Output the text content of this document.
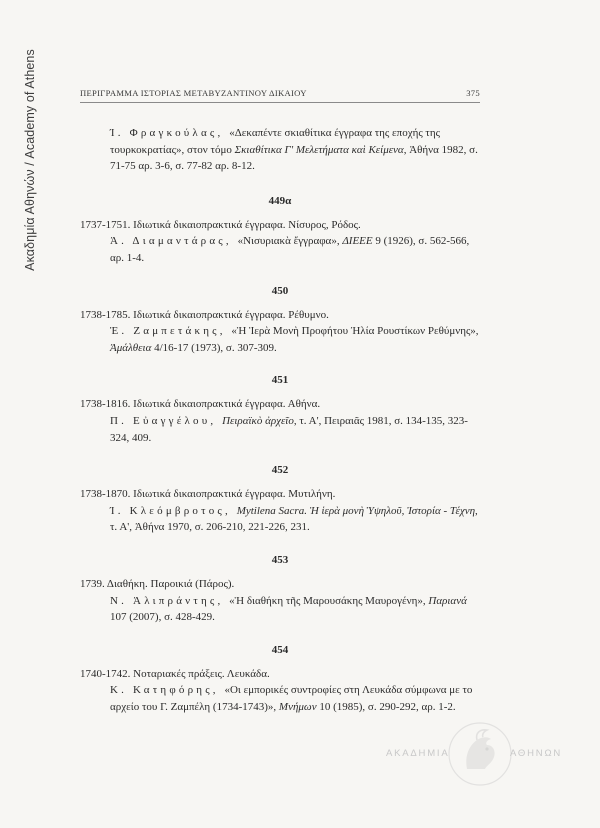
Ακαδημία Αθηνών / Academy of Athens	ΠΕΡΙΓΡΑΜΜΑ ΙΣΤΟΡΙΑΣ ΜΕΤΑΒΥΖΑΝΤΙΝΟΥ ΔΙΚΑΙΟΥ	375
Ί. Φραγκούλας, «Δεκαπέντε σκιαθίτικα έγγραφα της εποχής της τουρκοκρατίας», στον τόμο Σκιαθίτικα Γ' Μελετήματα καὶ Κείμενα, Ἀθήνα 1982, σ. 71-75 αρ. 3-6, σ. 77-82 αρ. 8-12.
449α
1737-1751. Ιδιωτικά δικαιοπρακτικά έγγραφα. Νίσυρος, Ρόδος.
Ἀ. Διαμαντάρας, «Νισυριακὰ ἔγγραφα», ΔΙΕΕΕ 9 (1926), σ. 562-566, αρ. 1-4.
450
1738-1785. Ιδιωτικά δικαιοπρακτικά έγγραφα. Ρέθυμνο.
Ἐ. Ζαμπετάκης, «Ἡ Ἱερὰ Μονὴ Προφήτου Ἠλία Ρουστίκων Ρεθύμνης», Ἀμάλθεια 4/16-17 (1973), σ. 307-309.
451
1738-1816. Ιδιωτικά δικαιοπρακτικά έγγραφα. Αθήνα.
Π. Εὐαγγέλου, Πειραϊκὸ ἀρχεῖο, τ. Α', Πειραιᾶς 1981, σ. 134-135, 323-324, 409.
452
1738-1870. Ιδιωτικά δικαιοπρακτικά έγγραφα. Μυτιλήνη.
Ί. Κλεόμβροτος, Mytilena Sacra. Ἡ ἱερὰ μονὴ Ὑψηλοῦ, Ἱστορία - Τέχνη, τ. Α', Ἀθήνα 1970, σ. 206-210, 221-226, 231.
453
1739. Διαθήκη. Παροικιά (Πάρος).
Ν. Ἀλιπράντης, «Ἡ διαθήκη τῆς Μαρουσάκης Μαυρογένη», Παριανά 107 (2007), σ. 428-429.
454
1740-1742. Νοταριακές πράξεις. Λευκάδα.
Κ. Κατηφόρης, «Οι εμπορικές συντροφίες στη Λευκάδα σύμφωνα με το αρχείο του Γ. Ζαμπέλη (1734-1743)», Μνήμων 10 (1985), σ. 290-292, αρ. 1-2.
ΑΚΑΔΗΜΙΑ	ΑΘΗΝΩΝ
